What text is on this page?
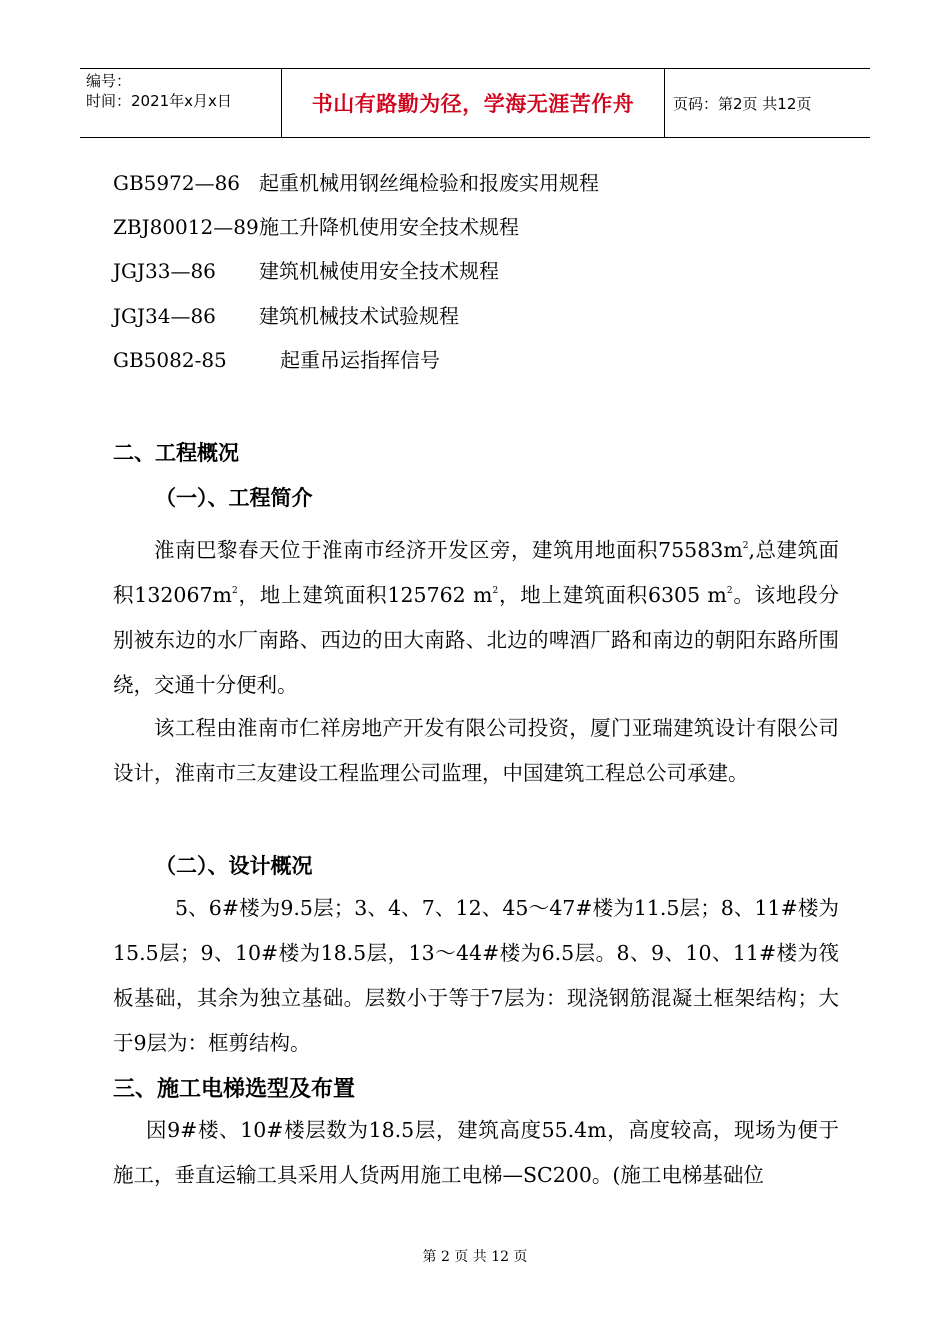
编号：
时间：2021年x月x日	书山有路勤为径，学海无涯苦作舟	页码：第2页 共12页
GB5972—86 起重机械用钢丝绳检验和报废实用规程
ZBJ80012—89 施工升降机使用安全技术规程
JGJ33—86 建筑机械使用安全技术规程
JGJ34—86 建筑机械技术试验规程
GB5082-85	起重吊运指挥信号
二、工程概况
（一）、工程简介
淮南巴黎春天位于淮南市经济开发区旁，建筑用地面积$75583m^2$,总建筑面积$132067m^2$，地上建筑面积125762 $m^2$，地上建筑面积6305 $m^2$。该地段分别被东边的水厂南路、西边的田大南路、北边的啤酒厂路和南边的朝阳东路所围绕，交通十分便利。
该工程由淮南市仁祥房地产开发有限公司投资，厦门亚瑞建筑设计有限公司设计，淮南市三友建设工程监理公司监理，中国建筑工程总公司承建。
（二）、设计概况
5、6#楼为9.5层；3、4、7、12、45～47#楼为11.5层；8、11#楼为15.5层；9、10#楼为18.5层，13～44#楼为6.5层。8、9、10、11#楼为筏板基础，其余为独立基础。层数小于等于7层为：现浇钢筋混凝土框架结构；大于9层为：框剪结构。
三、施工电梯选型及布置
因9#楼、10#楼层数为18.5层，建筑高度55.4m，高度较高，现场为便于施工，垂直运输工具采用人货两用施工电梯—SC200。(施工电梯基础位
第 2 页 共 12 页
